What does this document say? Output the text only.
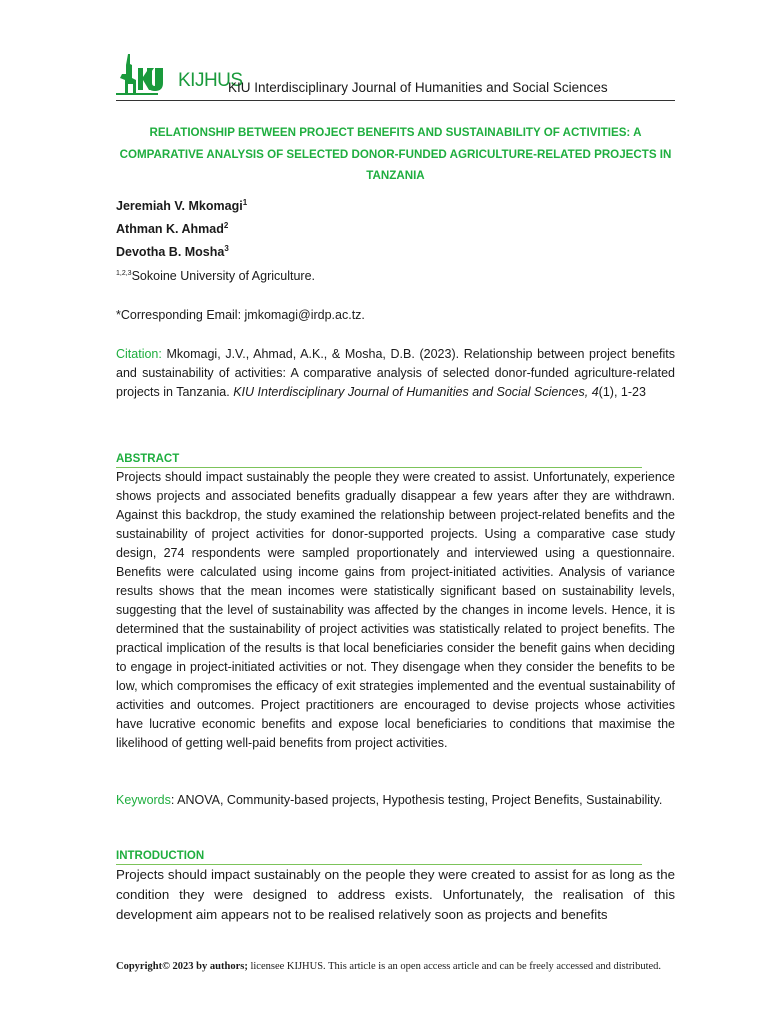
KIJHUS
KIU Interdisciplinary Journal of Humanities and Social Sciences
RELATIONSHIP BETWEEN PROJECT BENEFITS AND SUSTAINABILITY OF ACTIVITIES: A COMPARATIVE ANALYSIS OF SELECTED DONOR-FUNDED AGRICULTURE-RELATED PROJECTS IN TANZANIA
Jeremiah V. Mkomagi$^1$
Athman K. Ahmad$^2$
Devotha B. Mosha$^3$
$^{1,2,3}$Sokoine University of Agriculture.
*Corresponding Email: jmkomagi@irdp.ac.tz.
Citation: Mkomagi, J.V., Ahmad, A.K., & Mosha, D.B. (2023). Relationship between project benefits and sustainability of activities: A comparative analysis of selected donor-funded agriculture-related projects in Tanzania. KIU Interdisciplinary Journal of Humanities and Social Sciences, 4(1), 1-23
ABSTRACT
Projects should impact sustainably the people they were created to assist. Unfortunately, experience shows projects and associated benefits gradually disappear a few years after they are withdrawn. Against this backdrop, the study examined the relationship between project-related benefits and the sustainability of project activities for donor-supported projects. Using a comparative case study design, 274 respondents were sampled proportionately and interviewed using a questionnaire. Benefits were calculated using income gains from project-initiated activities. Analysis of variance results shows that the mean incomes were statistically significant based on sustainability levels, suggesting that the level of sustainability was affected by the changes in income levels. Hence, it is determined that the sustainability of project activities was statistically related to project benefits. The practical implication of the results is that local beneficiaries consider the benefit gains when deciding to engage in project-initiated activities or not. They disengage when they consider the benefits to be low, which compromises the efficacy of exit strategies implemented and the eventual sustainability of activities and outcomes. Project practitioners are encouraged to devise projects whose activities have lucrative economic benefits and expose local beneficiaries to conditions that maximise the likelihood of getting well-paid benefits from project activities.
Keywords: ANOVA, Community-based projects, Hypothesis testing, Project Benefits, Sustainability.
INTRODUCTION
Projects should impact sustainably on the people they were created to assist for as long as the condition they were designed to address exists. Unfortunately, the realisation of this development aim appears not to be realised relatively soon as projects and benefits
Copyright© 2023 by authors; licensee KIJHUS. This article is an open access article and can be freely accessed and distributed.
